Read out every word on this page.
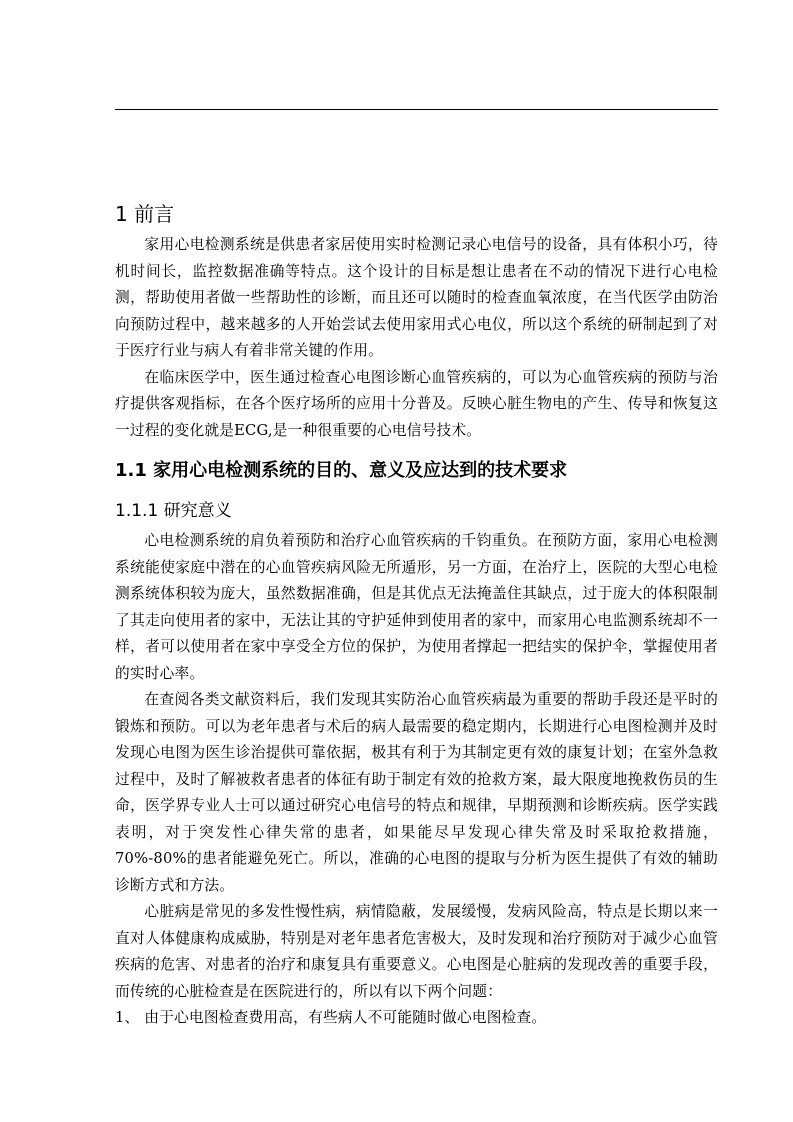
1 前言

家用心电检测系统是供患者家居使用实时检测记录心电信号的设备，具有体积小巧，待机时间长，监控数据准确等特点。这个设计的目标是想让患者在不动的情况下进行心电检测，帮助使用者做一些帮助性的诊断，而且还可以随时的检查血氧浓度，在当代医学由防治向预防过程中，越来越多的人开始尝试去使用家用式心电仪，所以这个系统的研制起到了对于医疗行业与病人有着非常关键的作用。

在临床医学中，医生通过检查心电图诊断心血管疾病的，可以为心血管疾病的预防与治疗提供客观指标，在各个医疗场所的应用十分普及。反映心脏生物电的产生、传导和恢复这一过程的变化就是ECG,是一种很重要的心电信号技术。

1.1 家用心电检测系统的目的、意义及应达到的技术要求
1.1.1 研究意义

心电检测系统的肩负着预防和治疗心血管疾病的千钧重负。在预防方面，家用心电检测系统能使家庭中潜在的心血管疾病风险无所遁形，另一方面，在治疗上，医院的大型心电检测系统体积较为庞大，虽然数据准确，但是其优点无法掩盖住其缺点，过于庞大的体积限制了其走向使用者的家中，无法让其的守护延伸到使用者的家中，而家用心电监测系统却不一样，者可以使用者在家中享受全方位的保护，为使用者撑起一把结实的保护伞，掌握使用者的实时心率。

在查阅各类文献资料后，我们发现其实防治心血管疾病最为重要的帮助手段还是平时的锻炼和预防。可以为老年患者与术后的病人最需要的稳定期内，长期进行心电图检测并及时发现心电图为医生诊治提供可靠依据，极其有利于为其制定更有效的康复计划；在室外急救过程中，及时了解被救者患者的体征有助于制定有效的抢救方案，最大限度地挽救伤员的生命，医学界专业人士可以通过研究心电信号的特点和规律，早期预测和诊断疾病。医学实践表明，对于突发性心律失常的患者，如果能尽早发现心律失常及时采取抢救措施，70%-80%的患者能避免死亡。所以，准确的心电图的提取与分析为医生提供了有效的辅助诊断方式和方法。

心脏病是常见的多发性慢性病，病情隐蔽，发展缓慢，发病风险高，特点是长期以来一直对人体健康构成威胁，特别是对老年患者危害极大，及时发现和治疗预防对于减少心血管疾病的危害、对患者的治疗和康复具有重要意义。心电图是心脏病的发现改善的重要手段，而传统的心脏检查是在医院进行的，所以有以下两个问题：

1、 由于心电图检查费用高，有些病人不可能随时做心电图检查。
